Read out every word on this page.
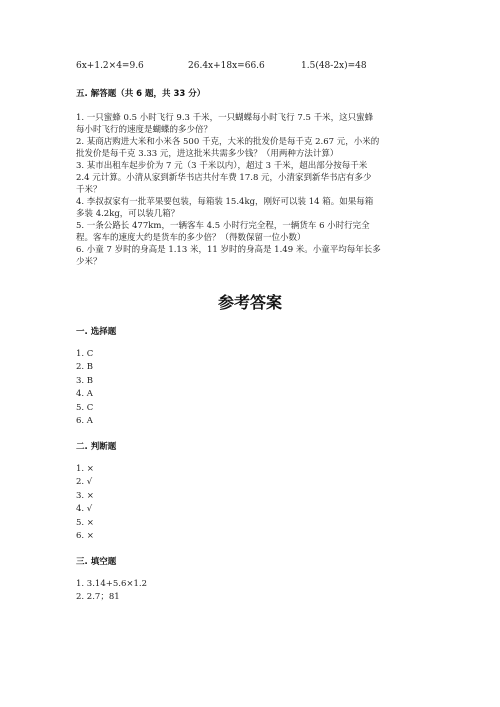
6x+1.2×4=9.6	26.4x+18x=66.6	1.5(48-2x)=48
五. 解答题（共 6 题，共 33 分）
1. 一只蜜蜂 0.5 小时飞行 9.3 千米，一只蝴蝶每小时飞行 7.5 千米，这只蜜蜂
每小时飞行的速度是蝴蝶的多少倍？
2. 某商店购进大米和小米各 500 千克，大米的批发价是每千克 2.67 元，小米的
批发价是每千克 3.33 元，进这批米共需多少钱？（用两种方法计算）
3. 某市出租车起步价为 7 元（3 千米以内），超过 3 千米，超出部分按每千米
2.4 元计算。小清从家到新华书店共付车费 17.8 元，小清家到新华书店有多少
千米？
4. 李叔叔家有一批苹果要包装，每箱装 15.4kg，刚好可以装 14 箱。如果每箱
多装 4.2kg，可以装几箱？
5. 一条公路长 477km，一辆客车 4.5 小时行完全程，一辆货车 6 小时行完全
程。客车的速度大约是货车的多少倍？（得数保留一位小数）
6. 小童 7 岁时的身高是 1.13 米，11 岁时的身高是 1.49 米。小童平均每年长多
少米？
参考答案
一. 选择题
1. C
2. B
3. B
4. A
5. C
6. A
二. 判断题
1. ×
2. √
3. ×
4. √
5. ×
6. ×
三. 填空题
1. 3.14+5.6×1.2
2. 2.7；81
